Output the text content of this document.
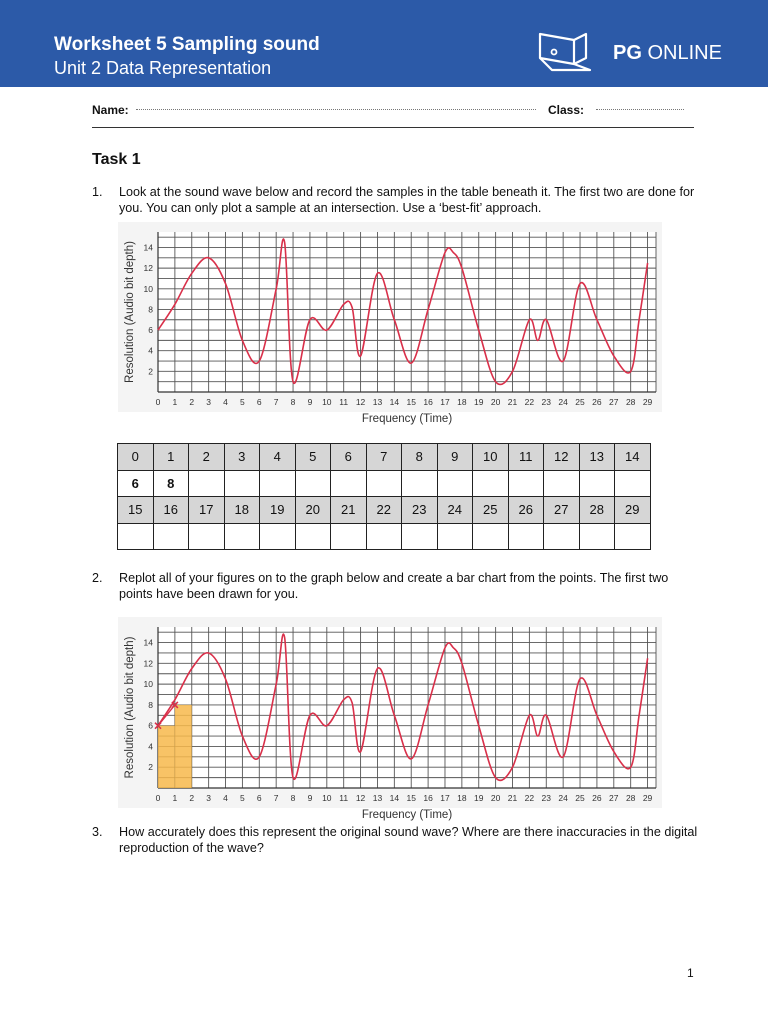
Worksheet 5 Sampling sound
Unit 2 Data Representation
PG ONLINE
Name:	Class:
Task 1
1. Look at the sound wave below and record the samples in the table beneath it. The first two are done for you. You can only plot a sample at an intersection. Use a ‘best-fit’ approach.
0 1 2 3 4 5 6 7 8 9 10 11 12 13 14 15 16 17 18 19 20 21 22 23 24 25 26 27 28 29
2
4
6
8
10
12
14
Frequency (Time)
Resolution (Audio bit depth)
0	1	2	3	4	5	6	7	8	9	10	11	12	13	14
6	8													
15	16	17	18	19	20	21	22	23	24	25	26	27	28	29

2. Replot all of your figures on to the graph below and create a bar chart from the points. The first two points have been drawn for you.
0 1 2 3 4 5 6 7 8 9 10 11 12 13 14 15 16 17 18 19 20 21 22 23 24 25 26 27 28 29
2
4
6
8
10
12
14
Frequency (Time)
Resolution (Audio bit depth)
3. How accurately does this represent the original sound wave? Where are there inaccuracies in the digital reproduction of the wave?
1
